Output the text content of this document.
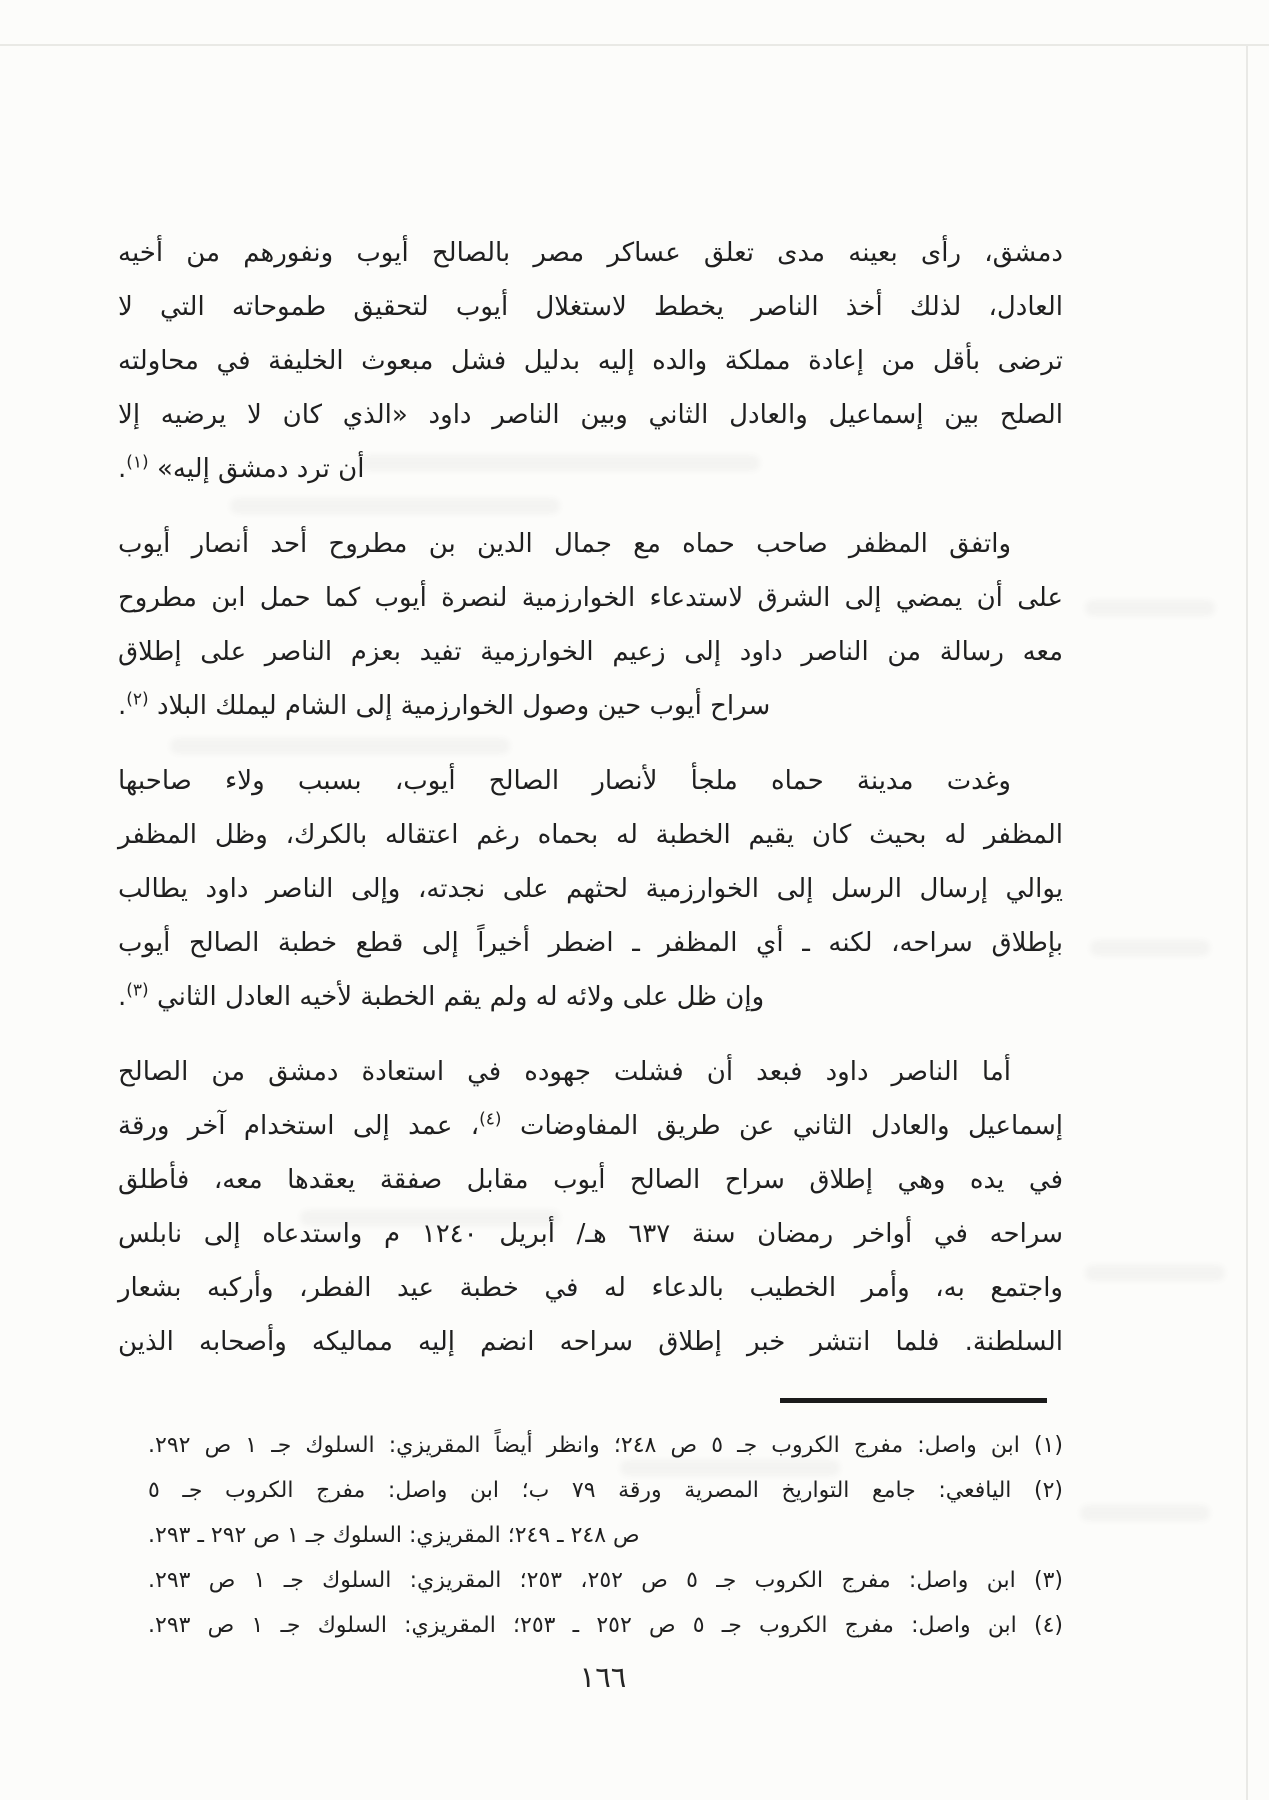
دمشق، رأى بعينه مدى تعلق عساكر مصر بالصالح أيوب ونفورهم من أخيه
العادل، لذلك أخذ الناصر يخطط لاستغلال أيوب لتحقيق طموحاته التي لا
ترضى بأقل من إعادة مملكة والده إليه بدليل فشل مبعوث الخليفة في محاولته
الصلح بين إسماعيل والعادل الثاني وبين الناصر داود «الذي كان لا يرضيه إلا
أن ترد دمشق إليه» $^{(١)}$.
واتفق المظفر صاحب حماه مع جمال الدين بن مطروح أحد أنصار أيوب
على أن يمضي إلى الشرق لاستدعاء الخوارزمية لنصرة أيوب كما حمل ابن مطروح
معه رسالة من الناصر داود إلى زعيم الخوارزمية تفيد بعزم الناصر على إطلاق
سراح أيوب حين وصول الخوارزمية إلى الشام ليملك البلاد $^{(٢)}$.
وغدت مدينة حماه ملجأ لأنصار الصالح أيوب، بسبب ولاء صاحبها
المظفر له بحيث كان يقيم الخطبة له بحماه رغم اعتقاله بالكرك، وظل المظفر
يوالي إرسال الرسل إلى الخوارزمية لحثهم على نجدته، وإلى الناصر داود يطالب
بإطلاق سراحه، لكنه ـ أي المظفر ـ اضطر أخيراً إلى قطع خطبة الصالح أيوب
وإن ظل على ولائه له ولم يقم الخطبة لأخيه العادل الثاني $^{(٣)}$.
أما الناصر داود فبعد أن فشلت جهوده في استعادة دمشق من الصالح
إسماعيل والعادل الثاني عن طريق المفاوضات $^{(٤)}$، عمد إلى استخدام آخر ورقة
في يده وهي إطلاق سراح الصالح أيوب مقابل صفقة يعقدها معه، فأطلق
سراحه في أواخر رمضان سنة ٦٣٧ هـ/ أبريل ١٢٤٠ م واستدعاه إلى نابلس
واجتمع به، وأمر الخطيب بالدعاء له في خطبة عيد الفطر، وأركبه بشعار
السلطنة. فلما انتشر خبر إطلاق سراحه انضم إليه مماليكه وأصحابه الذين
(١) ابن واصل: مفرج الكروب جـ ٥ ص ٢٤٨؛ وانظر أيضاً المقريزي: السلوك جـ ١ ص ٢٩٢.
(٢) اليافعي: جامع التواريخ المصرية ورقة ٧٩ ب؛ ابن واصل: مفرج الكروب جـ ٥
ص ٢٤٨ ـ ٢٤٩؛ المقريزي: السلوك جـ ١ ص ٢٩٢ ـ ٢٩٣.
(٣) ابن واصل: مفرج الكروب جـ ٥ ص ٢٥٢، ٢٥٣؛ المقريزي: السلوك جـ ١ ص ٢٩٣.
(٤) ابن واصل: مفرج الكروب جـ ٥ ص ٢٥٢ ـ ٢٥٣؛ المقريزي: السلوك جـ ١ ص ٢٩٣.
١٦٦
